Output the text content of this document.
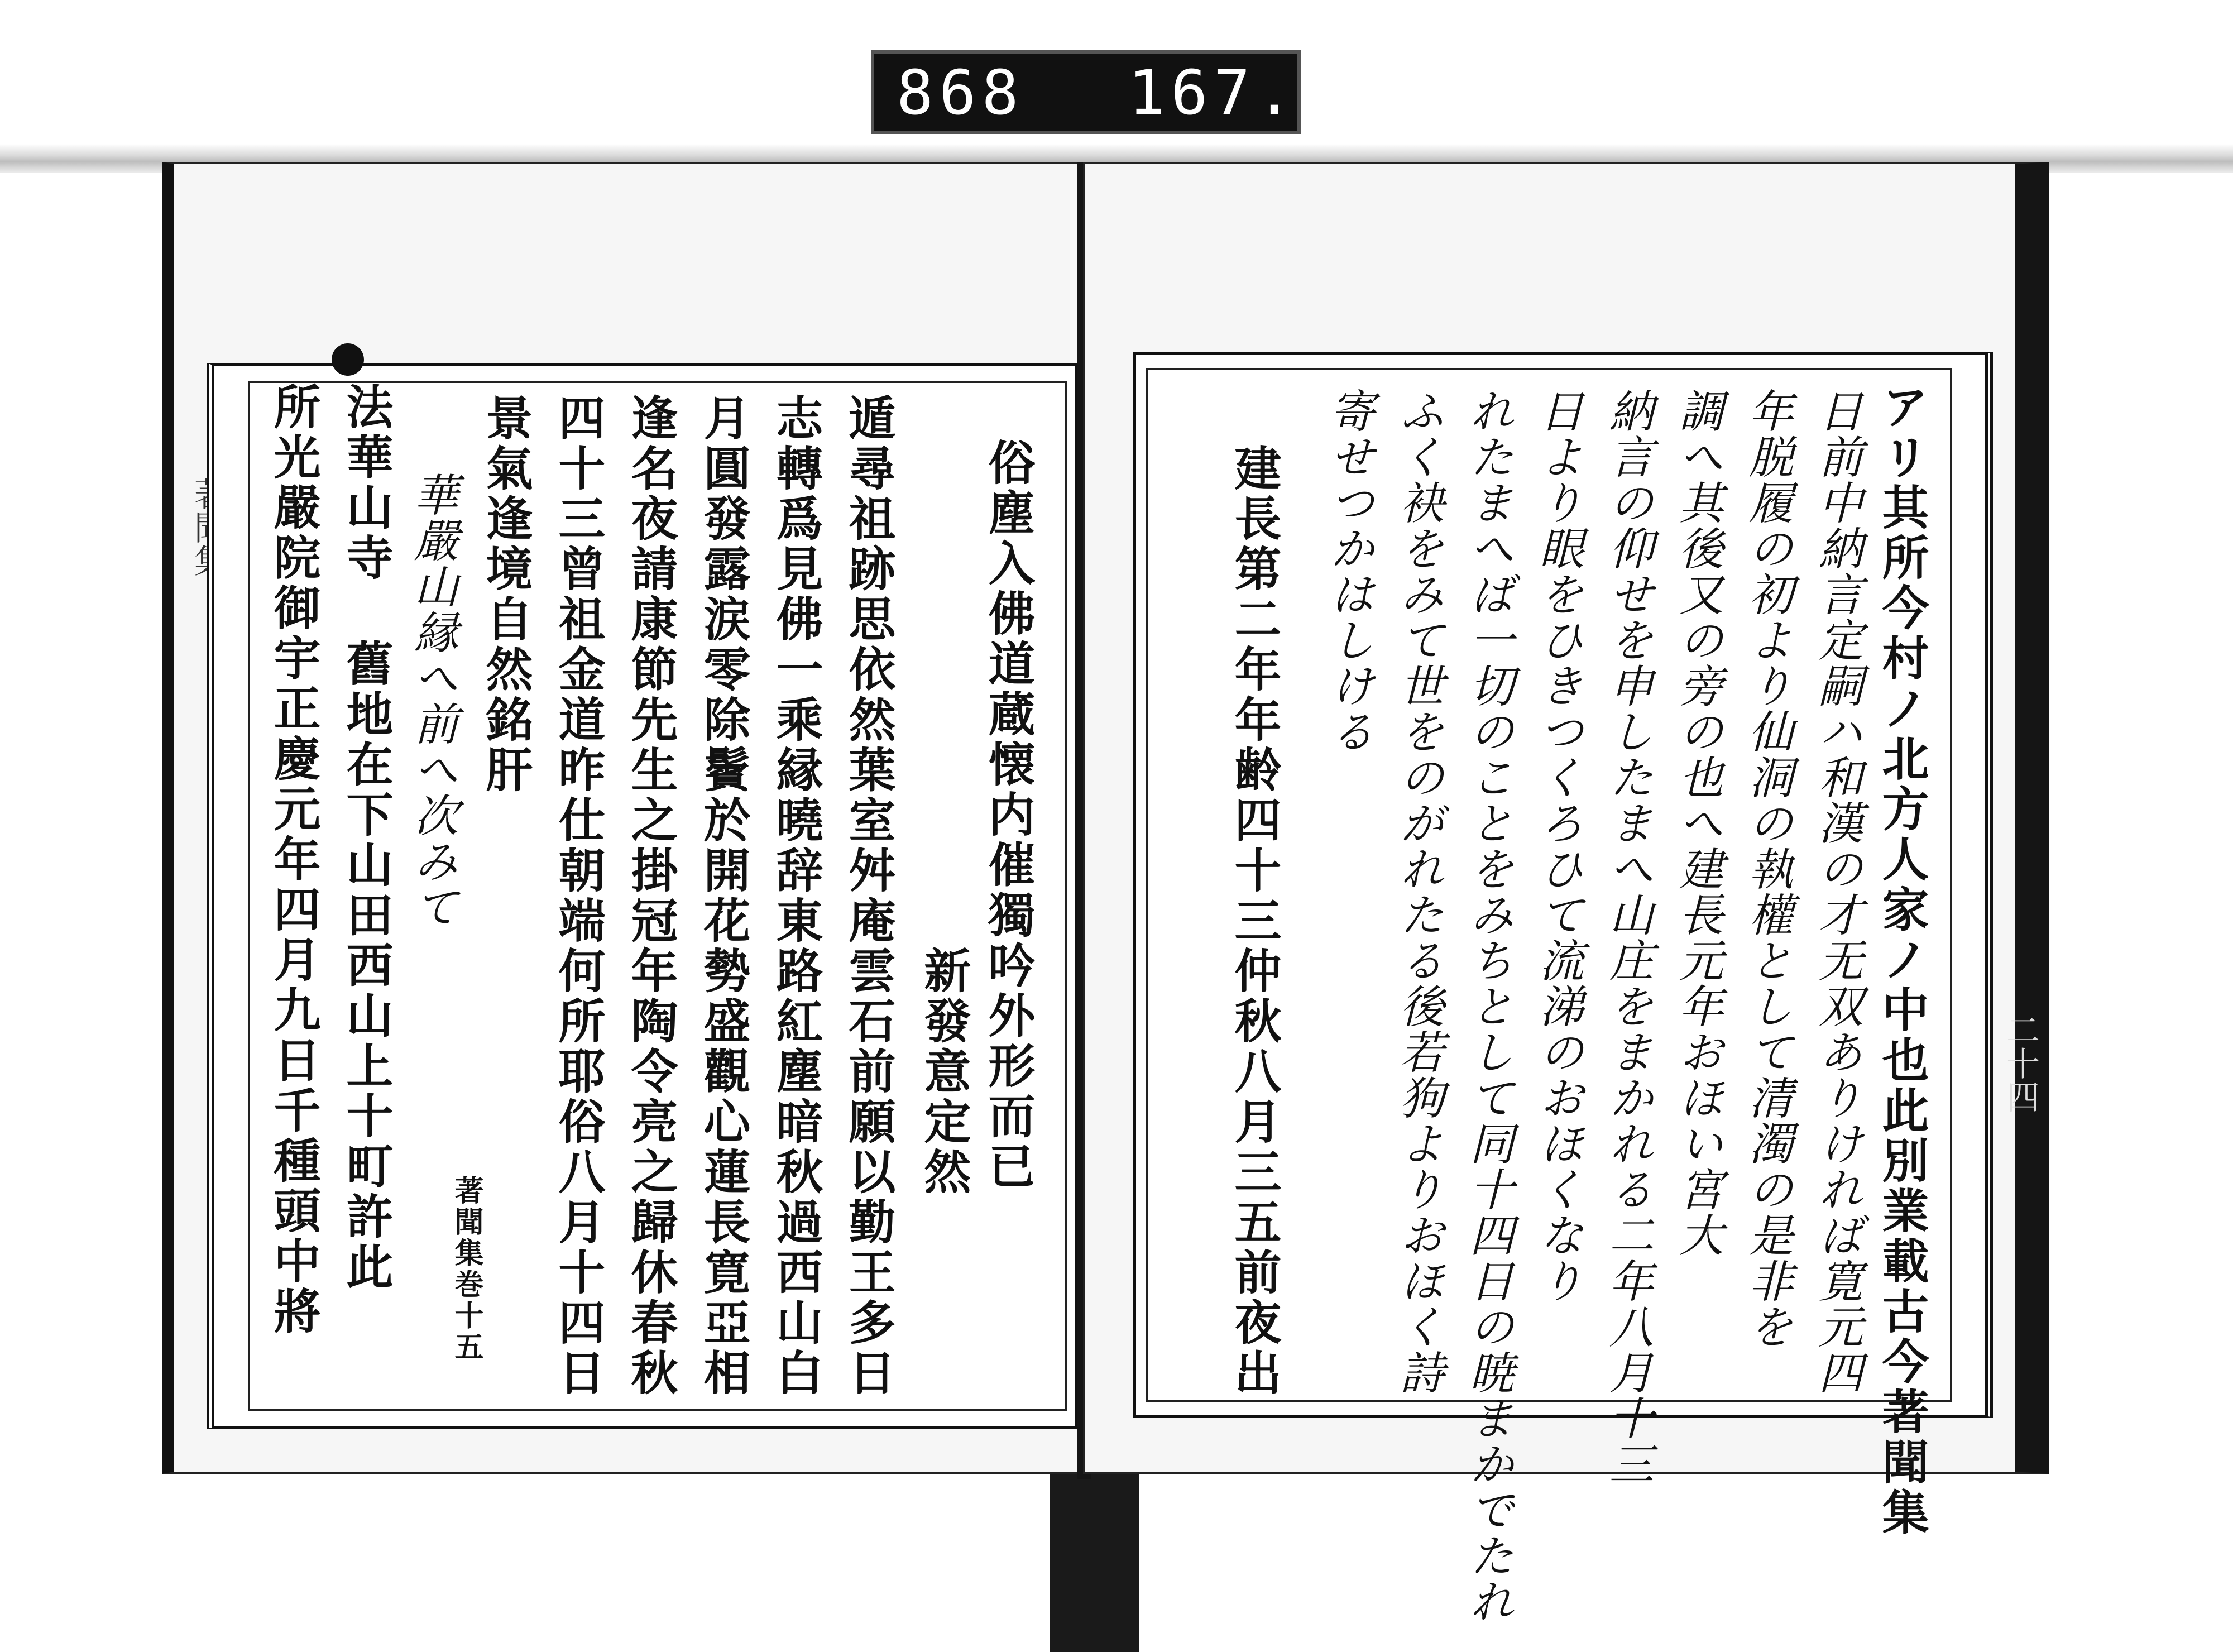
868 167.
俗塵入佛道蔵懐内催獨吟外形而已
新發意定然
遁尋祖跡思依然葉室舛庵雲石前願以勤王多日
志轉爲見佛一乘縁曉辞東路紅塵暗秋過西山白
月圓發露涙零除鬢於開花勢盛觀心蓮長寛亞相
逢名夜請康節先生之掛冠年陶令亮之歸休春秋
四十三曾祖金道昨仕朝端何所耶俗八月十四日
景氣逢境自然銘肝
著聞集巻十五
華嚴山縁へ前へ次みて
法華山寺
舊地在下山田西山上十町許此
所光嚴院御宇正慶元年四月九日千種頭中將	二十四
アリ其所今村ノ北方人家ノ中也此別業載古今著聞集
日前中納言定嗣ハ和漢の才无双ありければ寛元四
年脱履の初より仙洞の執權として清濁の是非を
調へ其後又の旁の也へ建長元年おほい宮大
納言の仰せを申したまへ山庄をまかれる二年八月十三
日より眼をひきつくろひて流涕のおほくなり
れたまへば一切のことをみちとして同十四日の暁まかでたれ
ふく袂をみて世をのがれたる後若狗よりおほく詩
寄せつかはしける
建長第二年年齢四十三仲秋八月三五前夜出
